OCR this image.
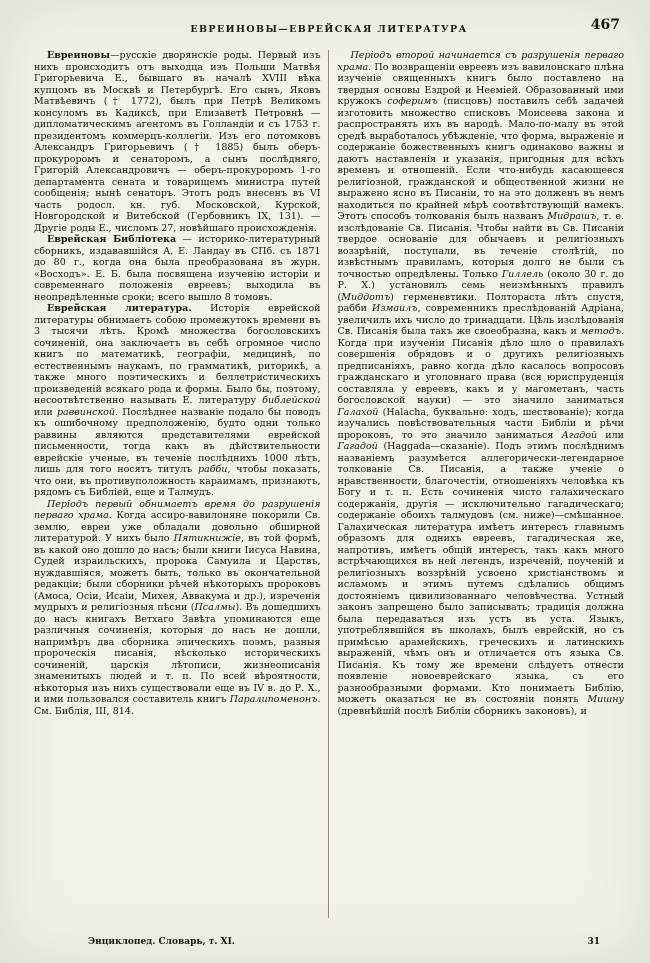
ЕВРЕИНОВЫ—ЕВРЕЙСКАЯ ЛИТЕРАТУРА	467

Евреиновы—русскіе дворянскіе роды. Первый изъ нихъ происходитъ отъ выходца изъ Польши Матвѣя Григорьевича Е., бывшаго въ началѣ XVIII вѣка купцомъ въ Москвѣ и Петербургѣ. Его сынъ, Яковъ Матвѣевичъ († 1772), былъ при Петрѣ Великомъ консуломъ въ Кадиксѣ, при Елизаветѣ Петровнѣ — дипломатическимъ агентомъ въ Голландіи и съ 1753 г. президентомъ коммерцъ-коллегіи. Изъ его потомковъ Александръ Григорьевичъ († 1885) былъ оберъ-прокуроромъ и сенаторомъ, а сынъ послѣдняго, Григорій Александровичъ — оберъ-прокуроромъ 1-го департамента сената и товарищемъ министра путей сообщенія; нынѣ сенаторъ. Этотъ родъ внесенъ въ VI часть родосл. кн. губ. Московской, Курской, Новгородской и Витебской (Гербовникъ IX, 131). — Другіе роды Е., числомъ 27, новѣйшаго происхожденія.

Еврейская Библіотека — историко-литературный сборникъ, издававшійся А. Е. Ландау въ СПб. съ 1871 до 80 г., когда она была преобразована въ журн. «Восходъ». Е. Б. была посвящена изученію исторіи и современнаго положенія евреевъ; выходила въ неопредѣленные сроки; всего вышло 8 томовъ.

Еврейская литература. Исторія еврейской литературы обнимаетъ собою промежутокъ времени въ 3 тысячи лѣтъ. Кромѣ множества богословскихъ сочиненій, она заключаетъ въ себѣ огромное число книгъ по математикѣ, географіи, медицинѣ, по естественнымъ наукамъ, по грамматикѣ, риторикѣ, а также много поэтическихъ и беллетристическихъ произведеній всякаго рода и формы. Было бы, поэтому, несоотвѣтственно называть Е. литературу библейской или раввинской. Послѣднее названіе подало бы поводъ къ ошибочному предположенію, будто одни только раввины являются представителями еврейской письменности, тогда какъ въ дѣйствительности еврейскіе ученые, въ теченіе послѣднихъ 1000 лѣтъ, лишь для того носятъ титулъ рабби, чтобы показать, что они, въ противуположность караимамъ, признаютъ, рядомъ съ Библіей, еще и Талмудъ.

Періодъ первый обнимаетъ время до разрушенія перваго храма. Когда ассиро-вавилоняне покорили Св. землю, евреи уже обладали довольно обширной литературой. У нихъ было Пятикнижіе, въ той формѣ, въ какой оно дошло до насъ; были книги Іисуса Навина, Судей израильскихъ, пророка Самуила и Царствъ, нуждавшіяся, можетъ быть, только въ окончательной редакціи; были сборники рѣчей нѣкоторыхъ пророковъ (Амоса, Осіи, Исаіи, Михея, Аввакума и др.), изреченія мудрыхъ и религіозныя пѣсни (Псалмы). Въ дошедшихъ до насъ книгахъ Ветхаго Завѣта упоминаются еще различныя сочиненія, которыя до насъ не дошли, напримѣръ два сборника эпическихъ поэмъ, разныя пророческія писанія, нѣсколько историческихъ сочиненій, царскія лѣтописи, жизнеописанія знаменитыхъ людей и т. п. По всей вѣроятности, нѣкоторыя изъ нихъ существовали еще въ IV в. до Р. Х., и ими пользовался составитель книгъ Паралипоменонъ. См. Библія, III, 814.

Періодъ второй начинается съ разрушенія перваго храма. По возвращеніи евреевъ изъ вавилонскаго плѣна изученіе священныхъ книгъ было поставлено на твердыя основы Ездрой и Нееміей. Образованный ими кружокъ соферимъ (писцовъ) поставилъ себѣ задачей изготовить множество списковъ Моисеева закона и распространять ихъ въ народѣ. Мало-по-малу въ этой средѣ выработалось убѣжденіе, что форма, выраженіе и содержаніе божественныхъ книгъ одинаково важны и даютъ наставленія и указанія, пригодныя для всѣхъ временъ и отношеній. Если что-нибудь касающееся религіозной, гражданской и общественной жизни не выражено ясно въ Писаніи, то на это долженъ въ немъ находиться по крайней мѣрѣ соотвѣтствующій намекъ. Этотъ способъ толкованія былъ названъ Мидрашъ, т. е. изслѣдованіе Св. Писанія. Чтобы найти въ Св. Писаніи твердое основаніе для обычаевъ и религіозныхъ воззрѣній, поступали, въ теченіе столѣтій, по извѣстнымъ правиламъ, которыя долго не были съ точностью опредѣлены. Только Гиллель (около 30 г. до Р. Х.) установилъ семь неизмѣнныхъ правилъ (Миддотъ) герменевтики. Полтораста лѣтъ спустя, рабби Измаилъ, современникъ преслѣдованій Адріана, увеличилъ ихъ число до тринадцати. Цѣль изслѣдованія Св. Писанія была такъ же своеобразна, какъ и методъ. Когда при изученіи Писанія дѣло шло о правилахъ совершенія обрядовъ и о другихъ религіозныхъ предписаніяхъ, равно когда дѣло касалось вопросовъ гражданскаго и уголовнаго права (вся юриспруденція составляла у евреевъ, какъ и у магометанъ, часть богословской науки) — это значило заниматься Галахой (Halacha, буквально: ходъ, шествованіе); когда изучались повѣствовательныя части Библіи и рѣчи пророковъ, то это значило заниматься Агадой или Гагадой (Haggada—сказаніе). Подъ этимъ послѣднимъ названіемъ разумѣется аллегорически-легендарное толкованіе Св. Писанія, а также ученіе о нравственности, благочестіи, отношеніяхъ человѣка къ Богу и т. п. Есть сочиненія чисто галахическаго содержанія, другія — исключительно гагадическаго; содержаніе обоихъ талмудовъ (см. ниже)—смѣшанное. Галахическая литература имѣетъ интересъ главнымъ образомъ для однихъ евреевъ, гагадическая же, напротивъ, имѣетъ общій интересъ, такъ какъ много встрѣчающихся въ ней легендъ, изреченій, поученій и религіозныхъ воззрѣній усвоено христіанствомъ и исламомъ и этимъ путемъ сдѣлались общимъ достояніемъ цивилизованнаго человѣчества. Устный законъ запрещено было записывать; традиція должна была передаваться изъ устъ въ уста. Языкъ, употреблявшійся въ школахъ, былъ еврейскій, но съ примѣсью арамейскихъ, греческихъ и латинскихъ выраженій, чѣмъ онъ и отличается отъ языка Св. Писанія. Къ тому же времени слѣдуетъ отнести появленіе новоеврейскаго языка, съ его разнообразными формами. Кто понимаетъ Библію, можетъ оказаться не въ состояніи понять Мишну (древнѣйшій послѣ Библіи сборникъ законовъ), и

Энциклопед. Словарь, т. XI.	31
